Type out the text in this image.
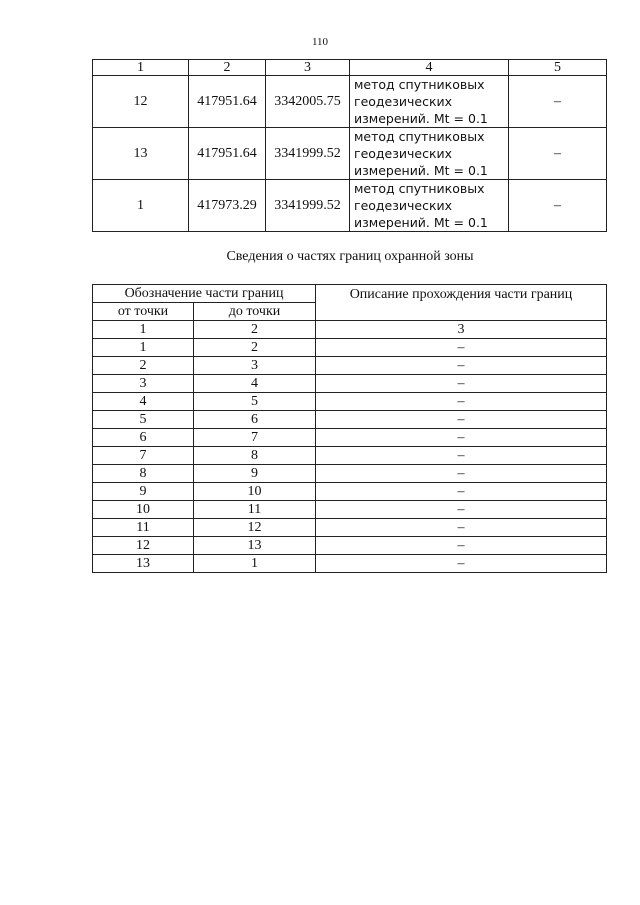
110
1	2	3	4	5
12	417951.64	3342005.75	метод спутниковых
геодезических
измерений. Mt = 0.1	–
13	417951.64	3341999.52	метод спутниковых
геодезических
измерений. Mt = 0.1	–
1	417973.29	3341999.52	метод спутниковых
геодезических
измерений. Mt = 0.1	–
Сведения о частях границ охранной зоны
Обозначение части границ		Описание прохождения части границ
от точки	до точки	
1	2	3
1	2	–
2	3	–
3	4	–
4	5	–
5	6	–
6	7	–
7	8	–
8	9	–
9	10	–
10	11	–
11	12	–
12	13	–
13	1	–
